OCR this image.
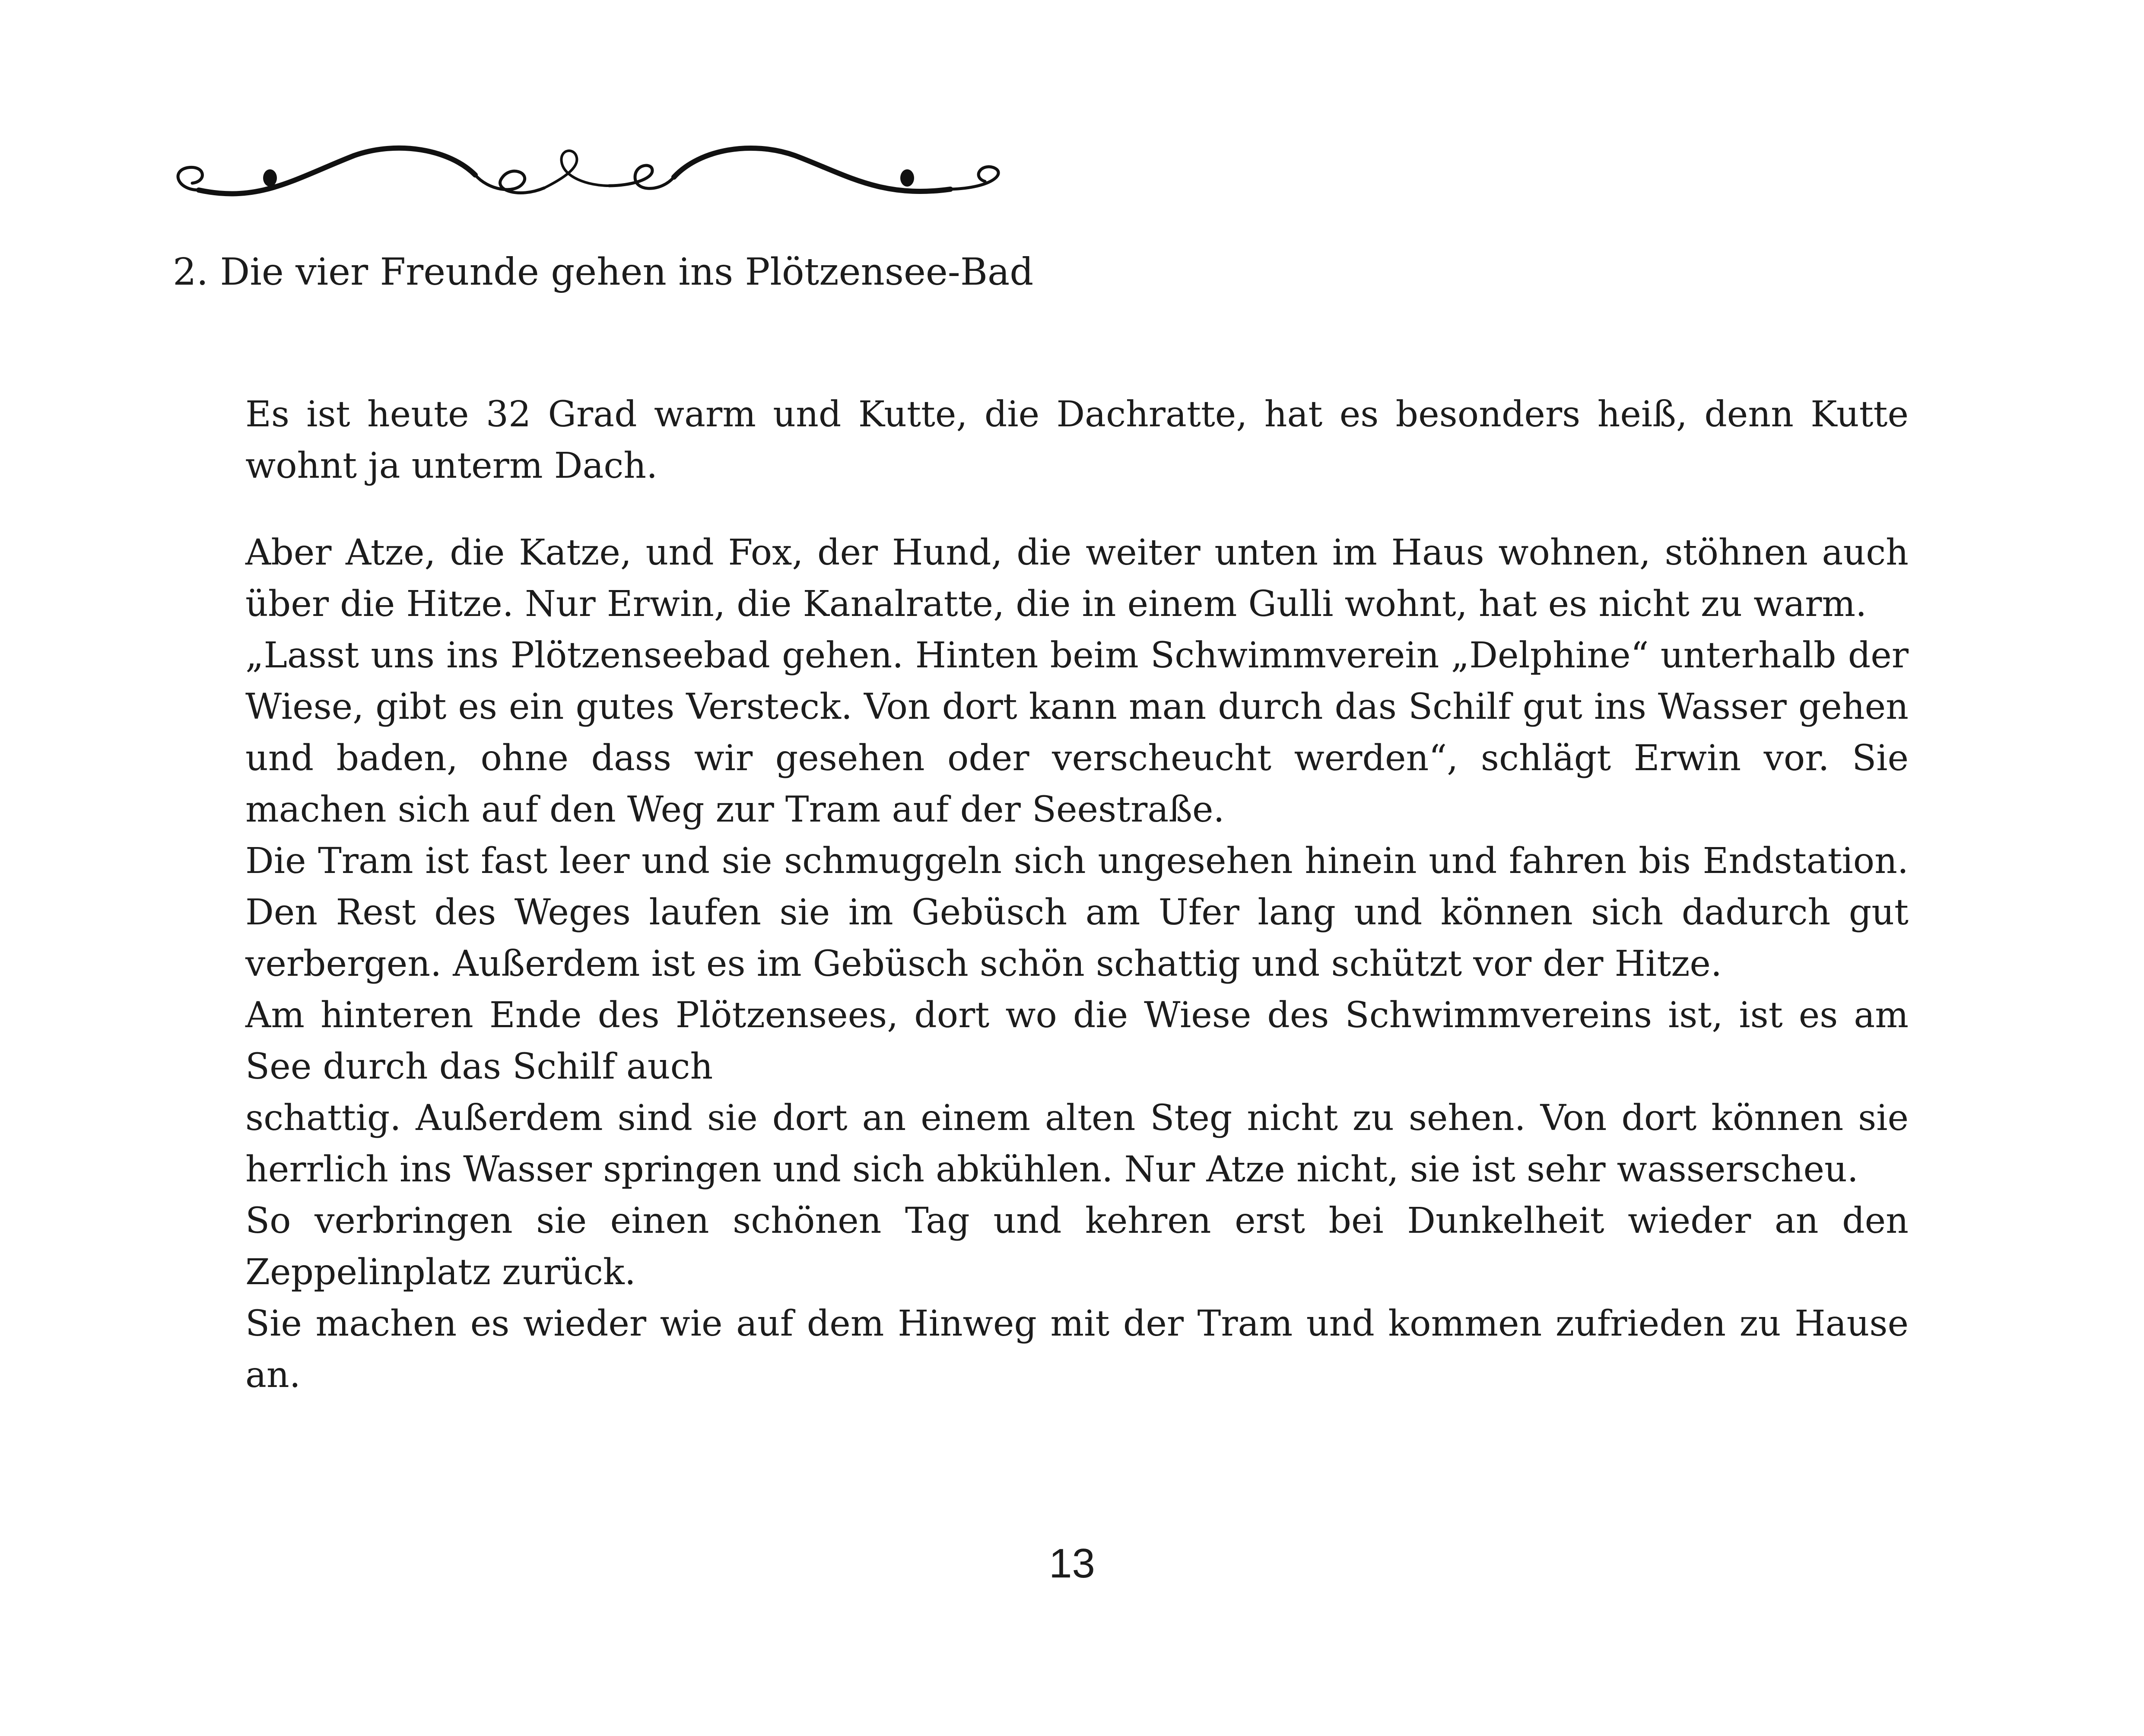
2. Die vier Freunde gehen ins Plötzensee-Bad

Es ist heute 32 Grad warm und Kutte, die Dachratte, hat es besonders heiß, denn Kutte wohnt ja unterm Dach.

Aber Atze, die Katze, und Fox, der Hund, die weiter unten im Haus wohnen, stöhnen auch über die Hitze. Nur Erwin, die Kanalratte, die in einem Gulli wohnt, hat es nicht zu warm.

„Lasst uns ins Plötzenseebad gehen. Hinten beim Schwimmverein „Delphine“ unterhalb der Wiese, gibt es ein gutes Versteck. Von dort kann man durch das Schilf gut ins Wasser gehen und baden, ohne dass wir gesehen oder verscheucht werden“, schlägt Erwin vor. Sie machen sich auf den Weg zur Tram auf der Seestraße.

Die Tram ist fast leer und sie schmuggeln sich ungesehen hinein und fahren bis Endstation. Den Rest des Weges laufen sie im Gebüsch am Ufer lang und können sich dadurch gut verbergen. Außerdem ist es im Gebüsch schön schattig und schützt vor der Hitze.

Am hinteren Ende des Plötzensees, dort wo die Wiese des Schwimmvereins ist, ist es am See durch das Schilf auch

schattig. Außerdem sind sie dort an einem alten Steg nicht zu sehen. Von dort können sie herrlich ins Wasser springen und sich abkühlen. Nur Atze nicht, sie ist sehr wasserscheu.

So verbringen sie einen schönen Tag und kehren erst bei Dunkelheit wieder an den Zeppelinplatz zurück.

Sie machen es wieder wie auf dem Hinweg mit der Tram und kommen zufrieden zu Hause an.

13
